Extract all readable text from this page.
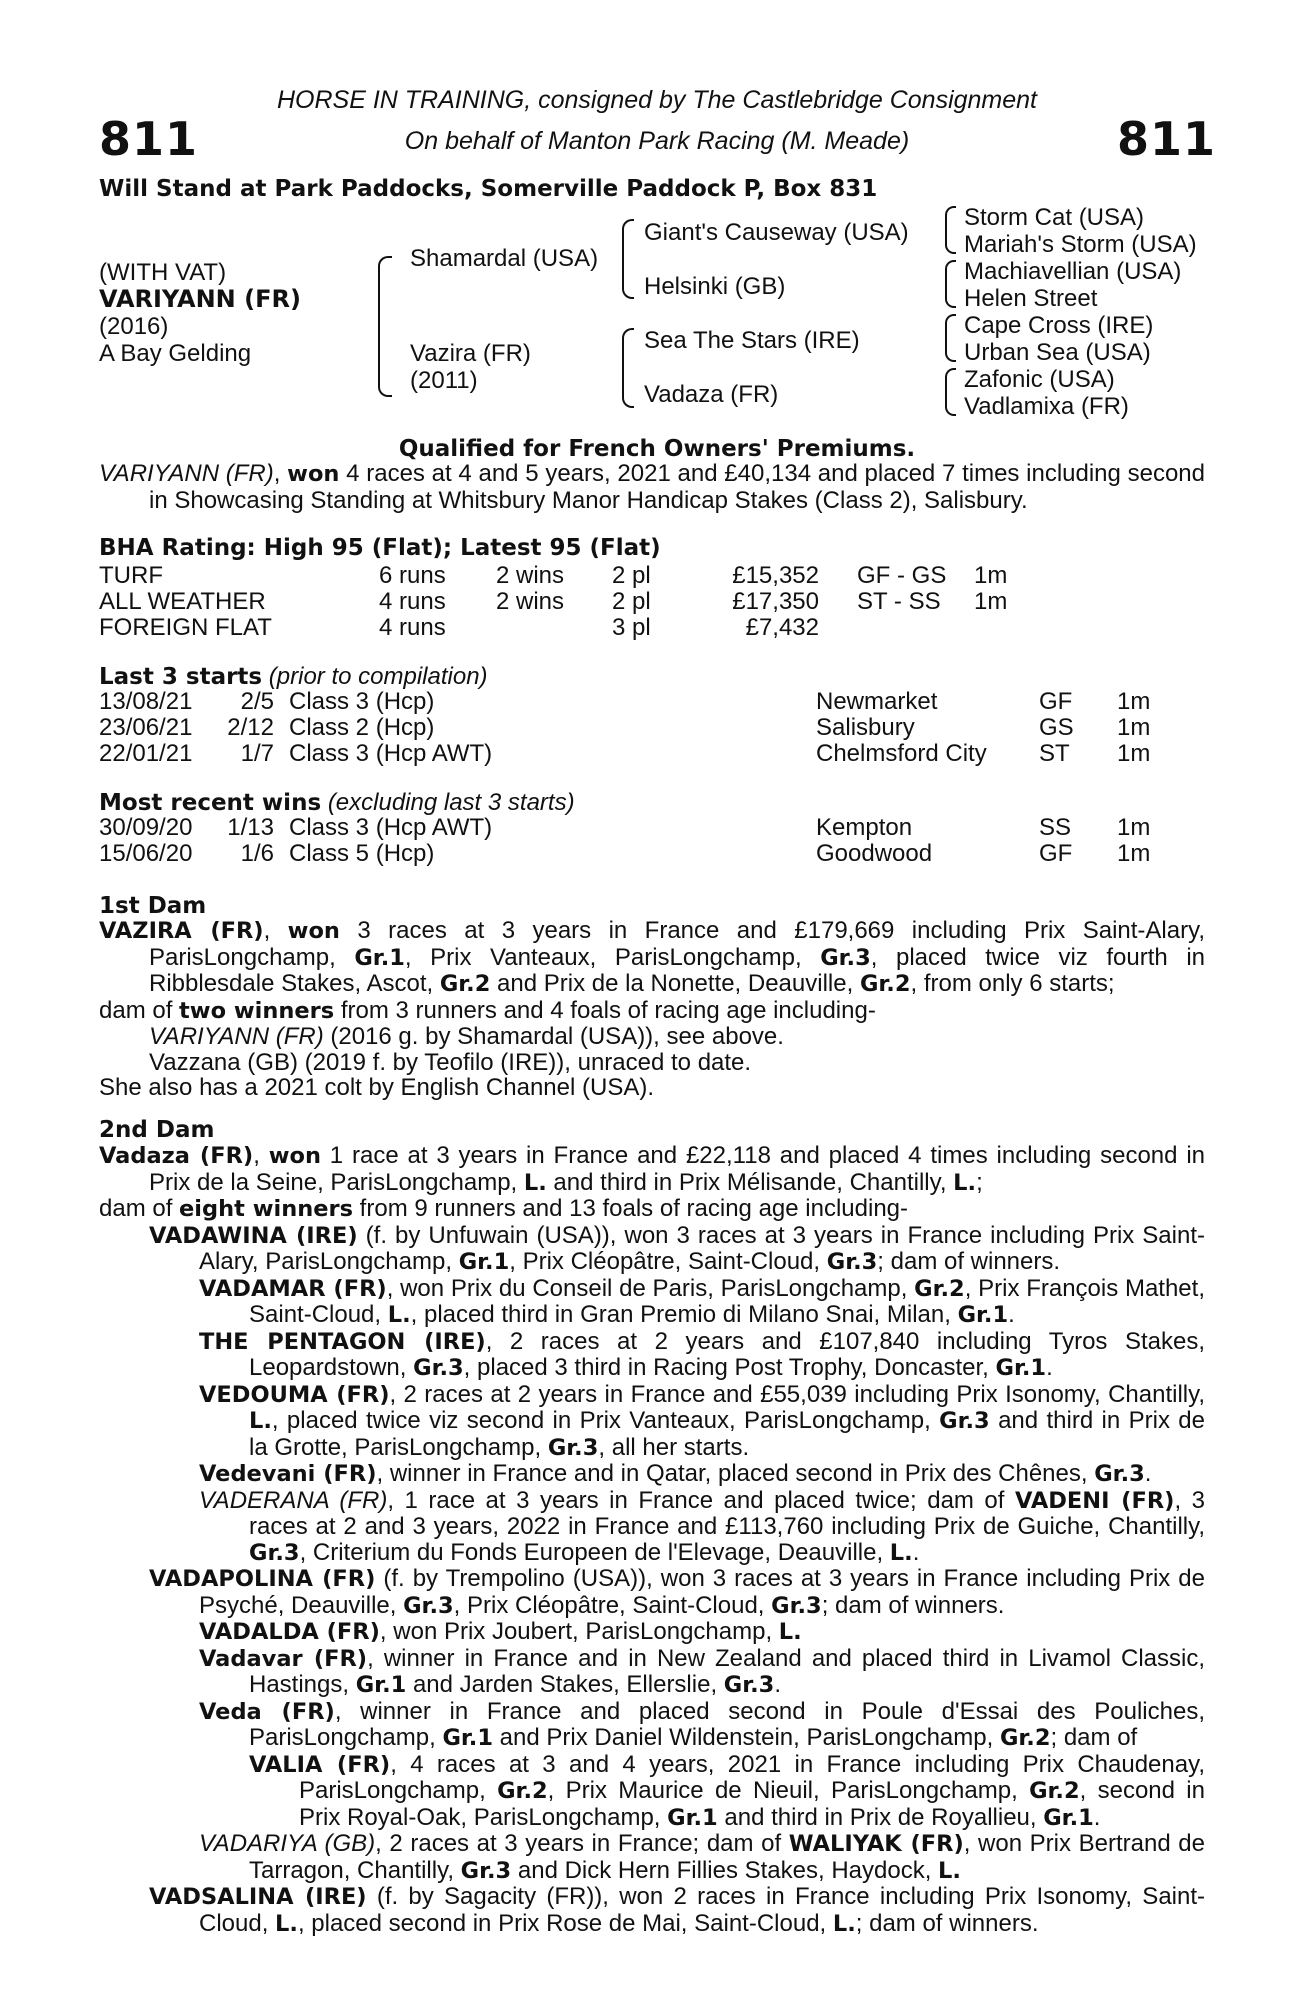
811	811
HORSE IN TRAINING, consigned by The Castlebridge Consignment
On behalf of Manton Park Racing (M. Meade)
Will Stand at Park Paddocks, Somerville Paddock P, Box 831
(WITH VAT)
VARIYANN (FR)
(2016)
A Bay Gelding
Shamardal (USA)
Vazira (FR)
(2011)
Giant's Causeway (USA)
Helsinki (GB)
Sea The Stars (IRE)
Vadaza (FR)
Storm Cat (USA)
Mariah's Storm (USA)
Machiavellian (USA)
Helen Street
Cape Cross (IRE)
Urban Sea (USA)
Zafonic (USA)
Vadlamixa (FR)
Qualified for French Owners' Premiums.

VARIYANN (FR), won 4 races at 4 and 5 years, 2021 and £40,134 and placed 7 times including second in Showcasing Standing at Whitsbury Manor Handicap Stakes (Class 2), Salisbury.

BHA Rating: High 95 (Flat); Latest 95 (Flat)
TURF	6 runs 2 wins 2 pl	£15,352 GF - GS 1m
ALL WEATHER	4 runs 2 wins 2 pl	£17,350 ST - SS 1m
FOREIGN FLAT	4 runs	3 pl	£7,432
Last 3 starts (prior to compilation)
13/08/21	2/5 Class 3 (Hcp)	Newmarket	GF 1m
23/06/21	2/12 Class 2 (Hcp)	Salisbury	GS 1m
22/01/21	1/7 Class 3 (Hcp AWT)	Chelmsford City ST 1m
Most recent wins (excluding last 3 starts)
30/09/20	1/13 Class 3 (Hcp AWT)	Kempton	SS 1m
15/06/20	1/6 Class 5 (Hcp)	Goodwood	GF 1m
1st Dam

VAZIRA (FR), won 3 races at 3 years in France and £179,669 including Prix Saint-Alary, ParisLongchamp, Gr.1, Prix Vanteaux, ParisLongchamp, Gr.3, placed twice viz fourth in Ribblesdale Stakes, Ascot, Gr.2 and Prix de la Nonette, Deauville, Gr.2, from only 6 starts;

dam of two winners from 3 runners and 4 foals of racing age including-

VARIYANN (FR) (2016 g. by Shamardal (USA)), see above.

Vazzana (GB) (2019 f. by Teofilo (IRE)), unraced to date.

She also has a 2021 colt by English Channel (USA).

2nd Dam

Vadaza (FR), won 1 race at 3 years in France and £22,118 and placed 4 times including second in Prix de la Seine, ParisLongchamp, L. and third in Prix Mélisande, Chantilly, L.;

dam of eight winners from 9 runners and 13 foals of racing age including-

VADAWINA (IRE) (f. by Unfuwain (USA)), won 3 races at 3 years in France including Prix Saint-Alary, ParisLongchamp, Gr.1, Prix Cléopâtre, Saint-Cloud, Gr.3; dam of winners.

VADAMAR (FR), won Prix du Conseil de Paris, ParisLongchamp, Gr.2, Prix François Mathet, Saint-Cloud, L., placed third in Gran Premio di Milano Snai, Milan, Gr.1.

THE PENTAGON (IRE), 2 races at 2 years and £107,840 including Tyros Stakes, Leopardstown, Gr.3, placed 3 third in Racing Post Trophy, Doncaster, Gr.1.

VEDOUMA (FR), 2 races at 2 years in France and £55,039 including Prix Isonomy, Chantilly, L., placed twice viz second in Prix Vanteaux, ParisLongchamp, Gr.3 and third in Prix de la Grotte, ParisLongchamp, Gr.3, all her starts.

Vedevani (FR), winner in France and in Qatar, placed second in Prix des Chênes, Gr.3.

VADERANA (FR), 1 race at 3 years in France and placed twice; dam of VADENI (FR), 3 races at 2 and 3 years, 2022 in France and £113,760 including Prix de Guiche, Chantilly, Gr.3, Criterium du Fonds Europeen de l'Elevage, Deauville, L..

VADAPOLINA (FR) (f. by Trempolino (USA)), won 3 races at 3 years in France including Prix de Psyché, Deauville, Gr.3, Prix Cléopâtre, Saint-Cloud, Gr.3; dam of winners.

VADALDA (FR), won Prix Joubert, ParisLongchamp, L.

Vadavar (FR), winner in France and in New Zealand and placed third in Livamol Classic, Hastings, Gr.1 and Jarden Stakes, Ellerslie, Gr.3.

Veda (FR), winner in France and placed second in Poule d'Essai des Pouliches, ParisLongchamp, Gr.1 and Prix Daniel Wildenstein, ParisLongchamp, Gr.2; dam of

VALIA (FR), 4 races at 3 and 4 years, 2021 in France including Prix Chaudenay, ParisLongchamp, Gr.2, Prix Maurice de Nieuil, ParisLongchamp, Gr.2, second in Prix Royal-Oak, ParisLongchamp, Gr.1 and third in Prix de Royallieu, Gr.1.

VADARIYA (GB), 2 races at 3 years in France; dam of WALIYAK (FR), won Prix Bertrand de Tarragon, Chantilly, Gr.3 and Dick Hern Fillies Stakes, Haydock, L.

VADSALINA (IRE) (f. by Sagacity (FR)), won 2 races in France including Prix Isonomy, Saint-Cloud, L., placed second in Prix Rose de Mai, Saint-Cloud, L.; dam of winners.
